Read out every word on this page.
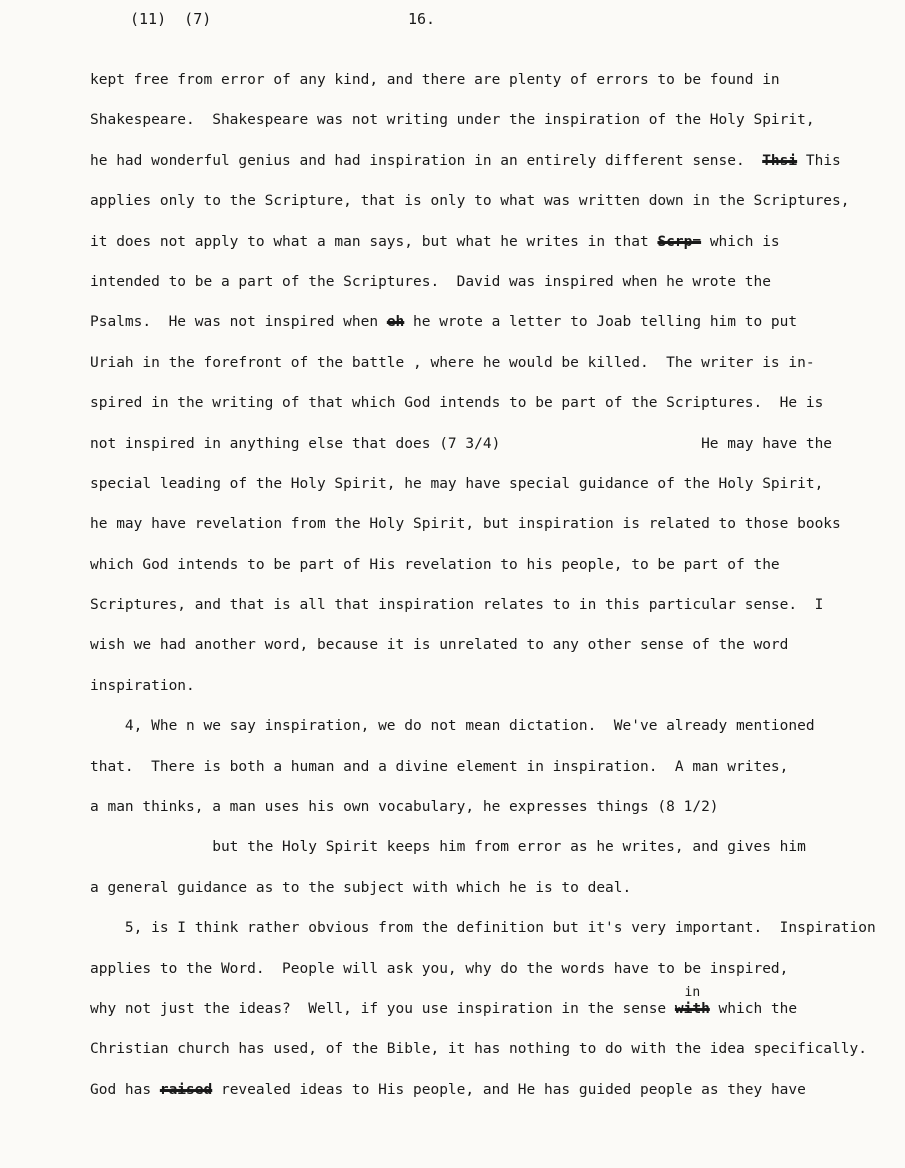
(11)  (7)

	16.

kept free from error of any kind, and there are plenty of errors to be found in
Shakespeare.  Shakespeare was not writing under the inspiration of the Holy Spirit,
he had wonderful genius and had inspiration in an entirely different sense.  Thsi This
applies only to the Scripture, that is only to what was written down in the Scriptures,
it does not apply to what a man says, but what he writes in that Scrp= which is
intended to be a part of the Scriptures.  David was inspired when he wrote the
Psalms.  He was not inspired when eh he wrote a letter to Joab telling him to put
Uriah in the forefront of the battle , where he would be killed.  The writer is in-
spired in the writing of that which God intends to be part of the Scriptures.  He is
not inspired in anything else that does (7 3/4)                       He may have the
special leading of the Holy Spirit, he may have special guidance of the Holy Spirit,
he may have revelation from the Holy Spirit, but inspiration is related to those books
which God intends to be part of His revelation to his people, to be part of the
Scriptures, and that is all that inspiration relates to in this particular sense.  I
wish we had another word, because it is unrelated to any other sense of the word
inspiration.
4, Whe n we say inspiration, we do not mean dictation.  We've already mentioned
that.  There is both a human and a divine element in inspiration.  A man writes,
a man thinks, a man uses his own vocabulary, he expresses things (8 1/2)
but the Holy Spirit keeps him from error as he writes, and gives him
a general guidance as to the subject with which he is to deal.
5, is I think rather obvious from the definition but it's very important.  Inspiration
applies to the Word.  People will ask you, why do the words have to be inspired,
why not just the ideas?  Well, if you use inspiration in the sense with
in
which the
Christian church has used, of the Bible, it has nothing to do with the idea specifically.
God has raised revealed ideas to His people, and He has guided people as they have
